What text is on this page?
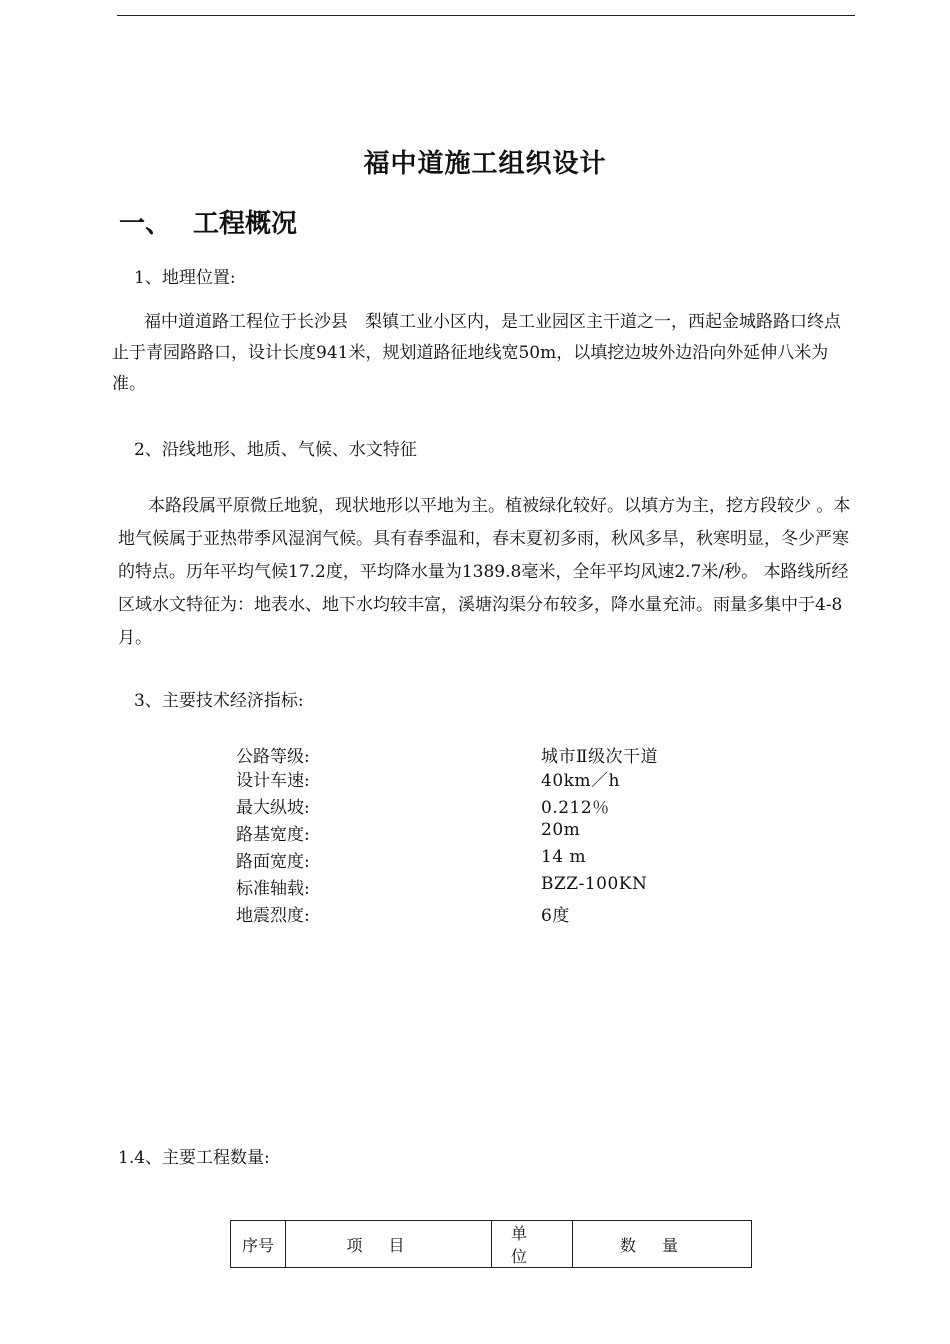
福中道施工组织设计
一、 工程概况
1、地理位置:

福中道道路工程位于长沙县　梨镇工业小区内，是工业园区主干道之一，西起金城路路口终点止于青园路路口，设计长度941米，规划道路征地线宽50m，以填挖边坡外边沿向外延伸八米为准。

2、沿线地形、地质、气候、水文特征

本路段属平原微丘地貌，现状地形以平地为主。植被绿化较好。以填方为主，挖方段较少 。本地气候属于亚热带季风湿润气候。具有春季温和，春末夏初多雨，秋风多旱，秋寒明显，冬少严寒的特点。历年平均气候17.2度，平均降水量为1389.8毫米，全年平均风速2.7米/秒。 本路线所经区域水文特征为：地表水、地下水均较丰富，溪塘沟渠分布较多，降水量充沛。雨量多集中于4-8月。

3、主要技术经济指标:
公路等级:	城市Ⅱ级次干道
设计车速:	40km／h
最大纵坡:	0.212％
路基宽度:	20m
路面宽度:	14 m
标准轴载:	BZZ-100KN
地震烈度:	6度
1.4、主要工程数量:
序号	项目	单位	数量
